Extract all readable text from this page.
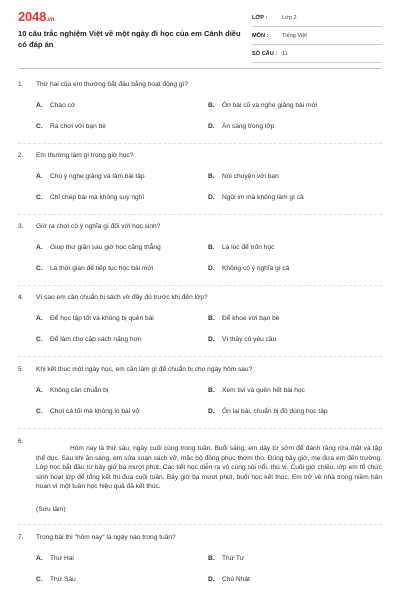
2048.vn
10 câu trắc nghiệm Việt về một ngày đi học của em Cánh diều có đáp án
LỚP :	Lớp 2
MÔN :	Tiếng Việt
SỐ CÂU : 11
1.	Thứ hai của em thường bắt đầu bằng hoạt động gì?
A.	Chào cờ	B.	Ôn bài cũ và nghe giảng bài mới
C.	Ra chơi với bạn bè	D.	Ăn sáng trong lớp
2.	Em thường làm gì trong giờ học?
A.	Chú ý nghe giảng và làm bài tập	B.	Nói chuyện với bạn
C.	Chỉ chép bài mà không suy nghĩ	D.	Ngồi im mà không làm gì cả
3.	Giờ ra chơi có ý nghĩa gì đối với học sinh?
A.	Giúp thư giãn sau giờ học căng thẳng	B.	Là lúc để trốn học
C.	Là thời gian để tiếp tục học bài mới	D.	Không có ý nghĩa gì cả
4.	Vì sao em cần chuẩn bị sách vở đầy đủ trước khi đến lớp?
A.	Để học tập tốt và không bị quên bài	B.	Để khoe với bạn bè
C.	Để làm cho cặp sách nặng hơn	D.	Vì thầy cô yêu cầu
5.	Khi kết thúc một ngày học, em cần làm gì để chuẩn bị cho ngày hôm sau?
A.	Không cần chuẩn bị	B.	Xem tivi và quên hết bài học
C.	Chơi cả tối mà không lo bài vở	D.	Ôn lại bài, chuẩn bị đồ dùng học tập
6.
Hôm nay là thứ sáu, ngày cuối cùng trong tuần. Buổi sáng, em dậy từ sớm để đánh răng rửa mặt và tập thể dục. Sau khi ăn sáng, em sửa soạn sách vở, mặc bộ đồng phục thơm tho. Đúng bảy giờ, mẹ đưa em đến trường. Lớp học bắt đầu từ bảy giờ ba mươi phút. Các tiết học diễn ra vô cùng sôi nổi, thú vị. Cuối giờ chiều, lớp em tổ chức sinh hoạt lớp để tổng kết thi đua cuối tuần. Bảy giờ ba mươi phút, buổi học kết thúc. Em trở về nhà trong niềm hân hoan vì một tuần học hiệu quả đã kết thúc.
(Sưu tầm)
7.	Trong bài thì "hôm nay" là ngày nào trong tuần?
A.	Thứ Hai	B.	Thứ Tư
C.	Thứ Sáu	D.	Chủ Nhật
